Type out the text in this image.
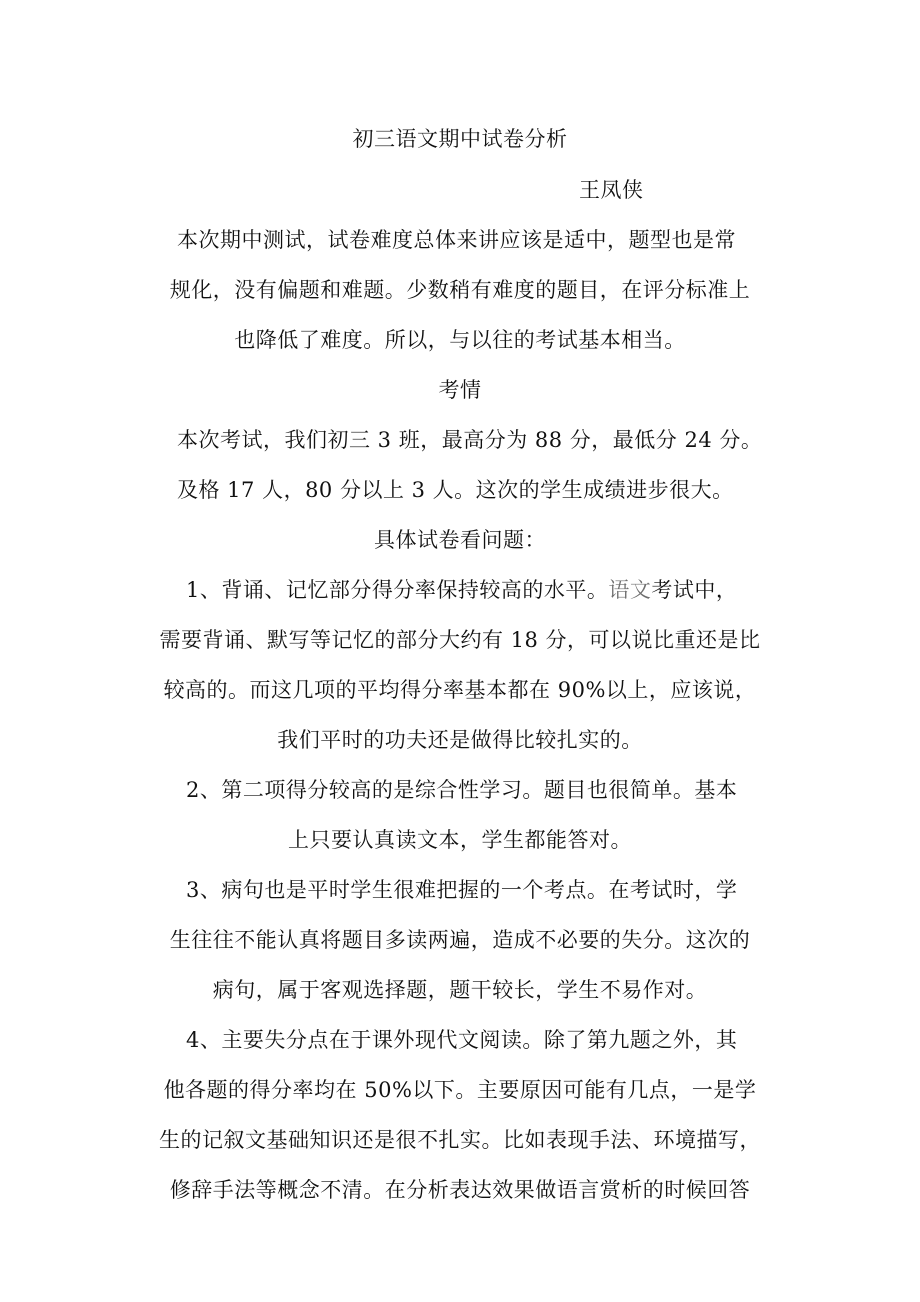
初三语文期中试卷分析
王凤侠
本次期中测试，试卷难度总体来讲应该是适中，题型也是常
规化，没有偏题和难题。少数稍有难度的题目，在评分标准上
也降低了难度。所以，与以往的考试基本相当。
考情
本次考试，我们初三 3 班，最高分为 88 分，最低分 24 分。
及格 17 人，80 分以上 3 人。这次的学生成绩进步很大。
具体试卷看问题：
1、背诵、记忆部分得分率保持较高的水平。语文考试中，
需要背诵、默写等记忆的部分大约有 18 分，可以说比重还是比
较高的。而这几项的平均得分率基本都在 90%以上，应该说，
我们平时的功夫还是做得比较扎实的。
2、第二项得分较高的是综合性学习。题目也很简单。基本
上只要认真读文本，学生都能答对。
3、病句也是平时学生很难把握的一个考点。在考试时，学
生往往不能认真将题目多读两遍，造成不必要的失分。这次的
病句，属于客观选择题，题干较长，学生不易作对。
4、主要失分点在于课外现代文阅读。除了第九题之外，其
他各题的得分率均在 50%以下。主要原因可能有几点，一是学
生的记叙文基础知识还是很不扎实。比如表现手法、环境描写，
修辞手法等概念不清。在分析表达效果做语言赏析的时候回答
